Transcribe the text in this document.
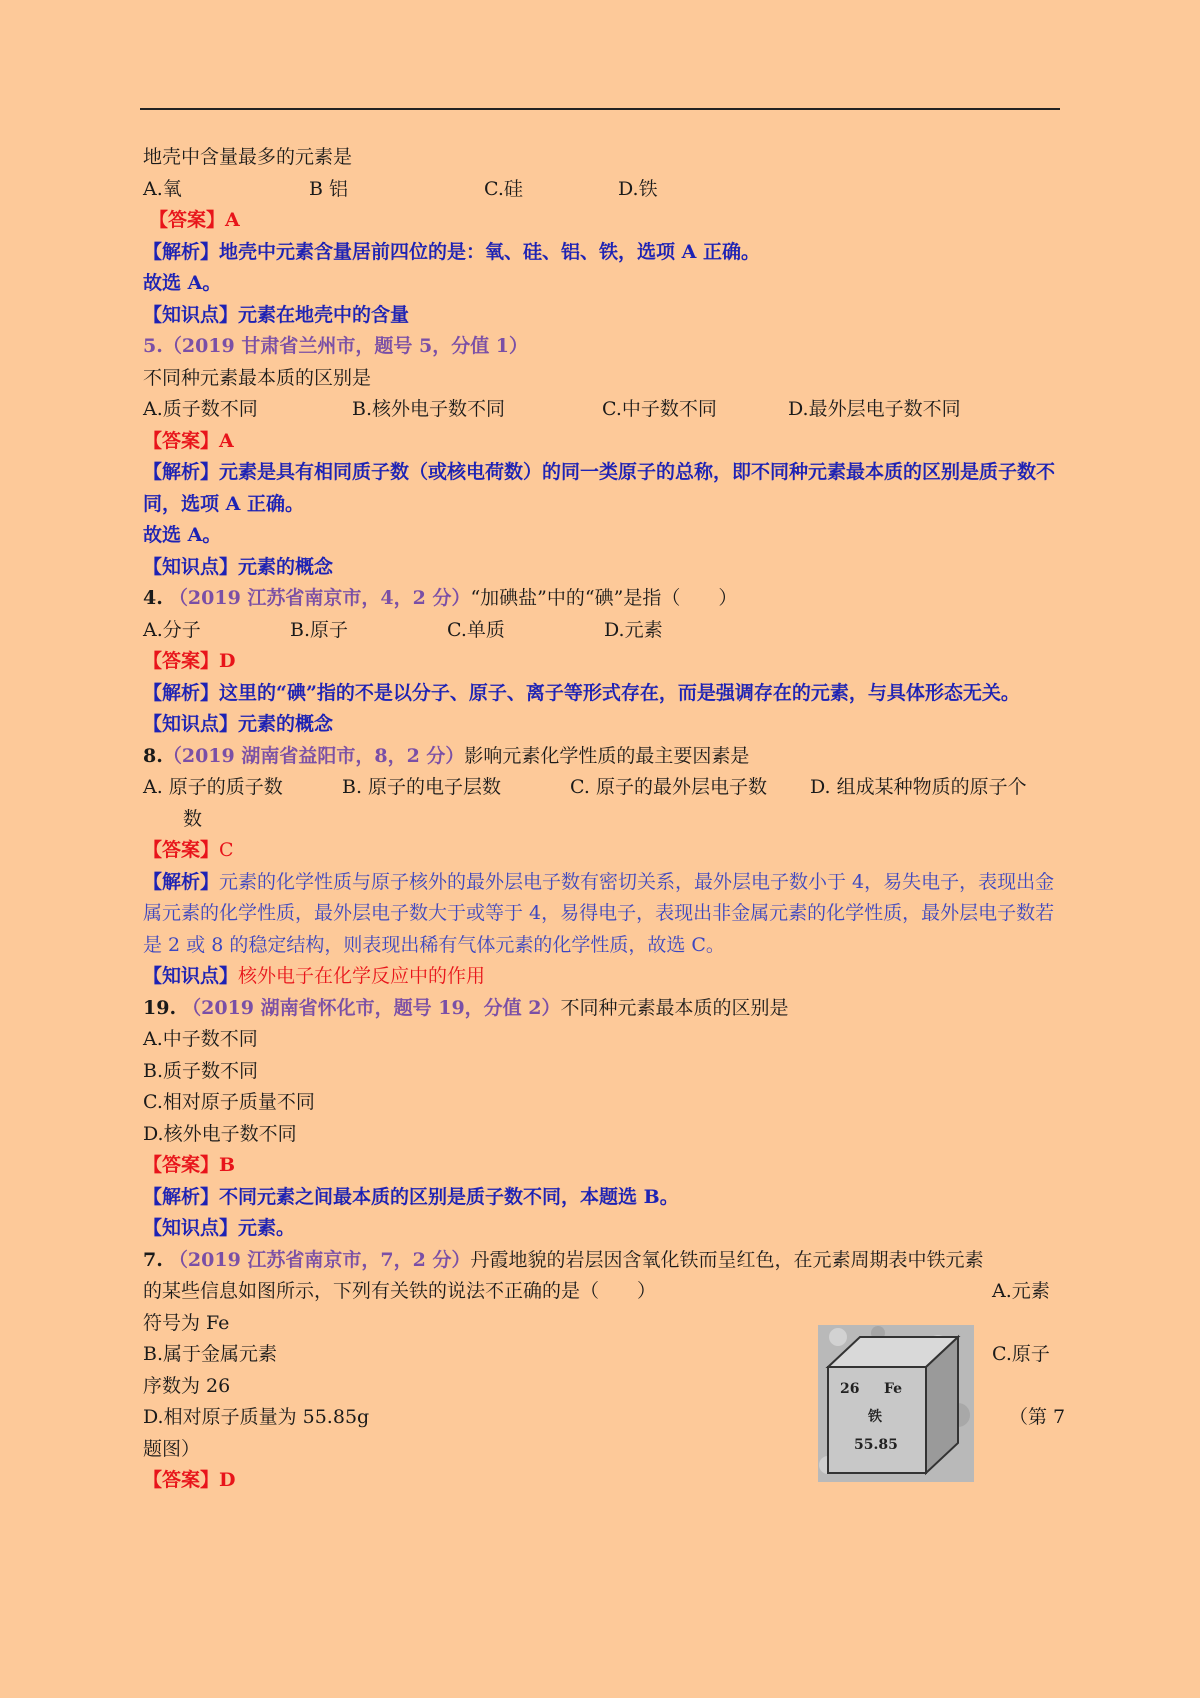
地壳中含量最多的元素是
A.氧	B 铝	C.硅	D.铁
【答案】A
【解析】地壳中元素含量居前四位的是：氧、硅、铝、铁，选项 A 正确。
故选 A。
【知识点】元素在地壳中的含量
5.（2019 甘肃省兰州市，题号 5，分值 1）
不同种元素最本质的区别是
A.质子数不同	B.核外电子数不同	C.中子数不同	D.最外层电子数不同
【答案】A
【解析】元素是具有相同质子数（或核电荷数）的同一类原子的总称，即不同种元素最本质的区别是质子数不同，选项 A 正确。
故选 A。
【知识点】元素的概念
4. （2019 江苏省南京市，4，2 分）“加碘盐”中的“碘”是指（　　）
A.分子	B.原子	C.单质	D.元素
【答案】D
【解析】这里的“碘”指的不是以分子、原子、离子等形式存在，而是强调存在的元素，与具体形态无关。
【知识点】元素的概念
8.（2019 湖南省益阳市，8，2 分）影响元素化学性质的最主要因素是
A. 原子的质子数	B. 原子的电子层数	C. 原子的最外层电子数 D. 组成某种物质的原子个
数
【答案】C
【解析】元素的化学性质与原子核外的最外层电子数有密切关系，最外层电子数小于 4，易失电子，表现出金属元素的化学性质，最外层电子数大于或等于 4，易得电子，表现出非金属元素的化学性质，最外层电子数若是 2 或 8 的稳定结构，则表现出稀有气体元素的化学性质，故选 C。
【知识点】核外电子在化学反应中的作用
19. （2019 湖南省怀化市，题号 19，分值 2）不同种元素最本质的区别是
A.中子数不同
B.质子数不同
C.相对原子质量不同
D.核外电子数不同
【答案】B
【解析】不同元素之间最本质的区别是质子数不同，本题选 B。
【知识点】元素。
7. （2019 江苏省南京市，7，2 分）丹霞地貌的岩层因含氧化铁而呈红色，在元素周期表中铁元素
的某些信息如图所示，下列有关铁的说法不正确的是（　　）	A.元素
符号为 Fe
B.属于金属元素	C.原子
序数为 26
D.相对原子质量为 55.85g	（第 7
题图）
【答案】D
26 Fe
铁
55.85
